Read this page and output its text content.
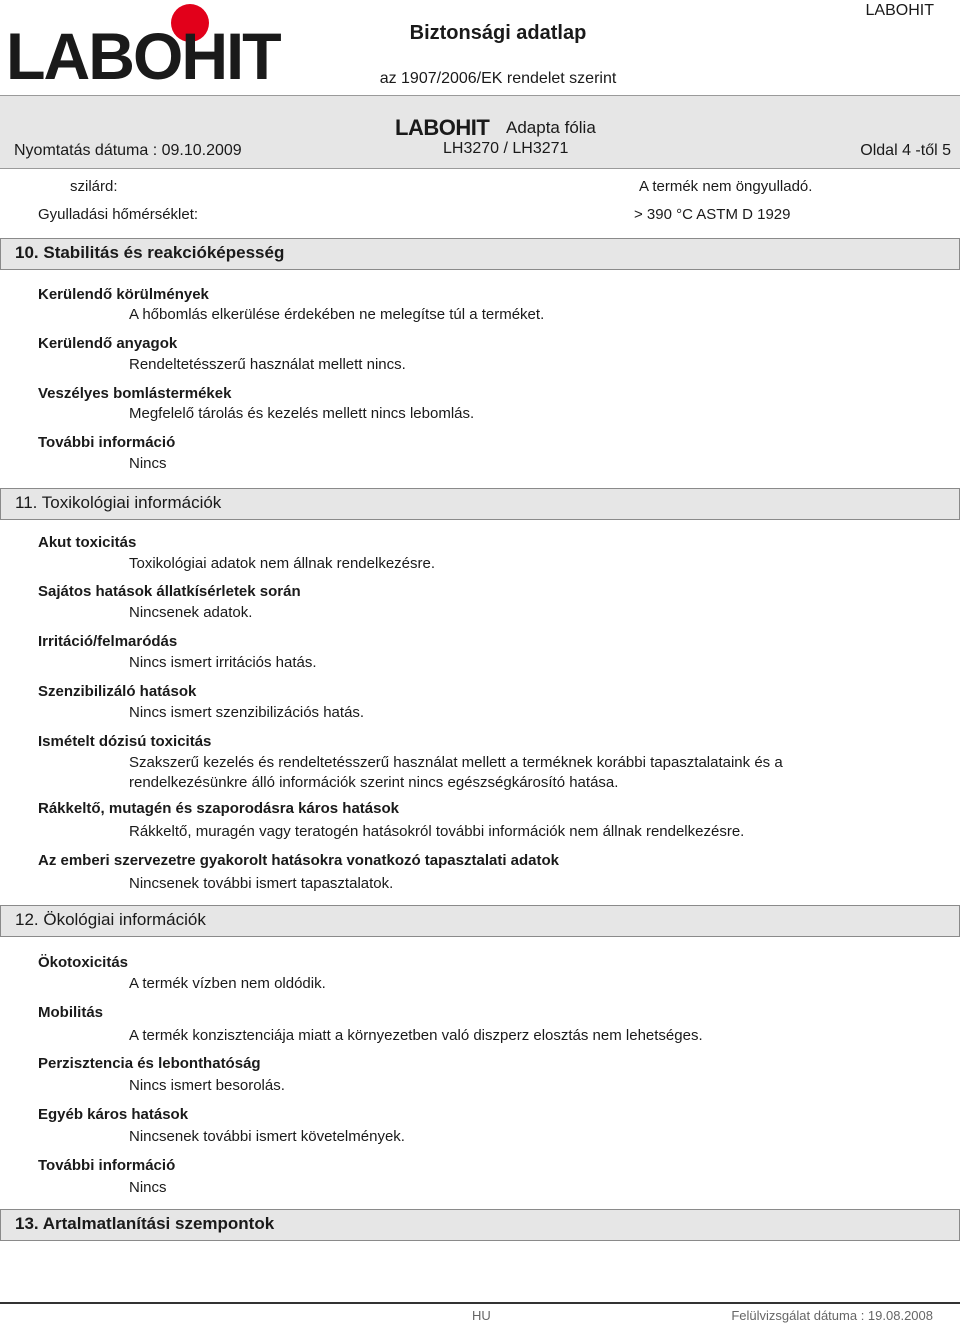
LABOHIT	Biztonsági adatlap
az 1907/2006/EK rendelet szerint
LABOHIT
Nyomtatás dátuma : 09.10.2009
LABOHIT Adapta fólia
LH3270 / LH3271	Oldal 4 -től 5
szilárd:	A termék nem öngyulladó.
Gyulladási hőmérséklet:	> 390 °C ASTM D 1929
10. Stabilitás és reakcióképesség
Kerülendő körülmények
A hőbomlás elkerülése érdekében ne melegítse túl a terméket.
Kerülendő anyagok
Rendeltetésszerű használat mellett nincs.
Veszélyes bomlástermékek
Megfelelő tárolás és kezelés mellett nincs lebomlás.
További információ
Nincs
11. Toxikológiai információk
Akut toxicitás
Toxikológiai adatok nem állnak rendelkezésre.
Sajátos hatások állatkísérletek során
Nincsenek adatok.
Irritáció/felmaródás
Nincs ismert irritációs hatás.
Szenzibilizáló hatások
Nincs ismert szenzibilizációs hatás.
Ismételt dózisú toxicitás
Szakszerű kezelés és rendeltetésszerű használat mellett a terméknek korábbi tapasztalataink és a rendelkezésünkre álló információk szerint nincs egészségkárosító hatása.
Rákkeltő, mutagén és szaporodásra káros hatások
Rákkeltő, muragén vagy teratogén hatásokról további információk nem állnak rendelkezésre.
Az emberi szervezetre gyakorolt hatásokra vonatkozó tapasztalati adatok
Nincsenek további ismert tapasztalatok.
12. Ökológiai információk
Ökotoxicitás
A termék vízben nem oldódik.
Mobilitás
A termék konzisztenciája miatt a környezetben való diszperz elosztás nem lehetséges.
Perzisztencia és lebonthatóság
Nincs ismert besorolás.
Egyéb káros hatások
Nincsenek további ismert követelmények.
További információ
Nincs
13. Artalmatlanítási szempontok
HU	Felülvizsgálat dátuma : 19.08.2008
